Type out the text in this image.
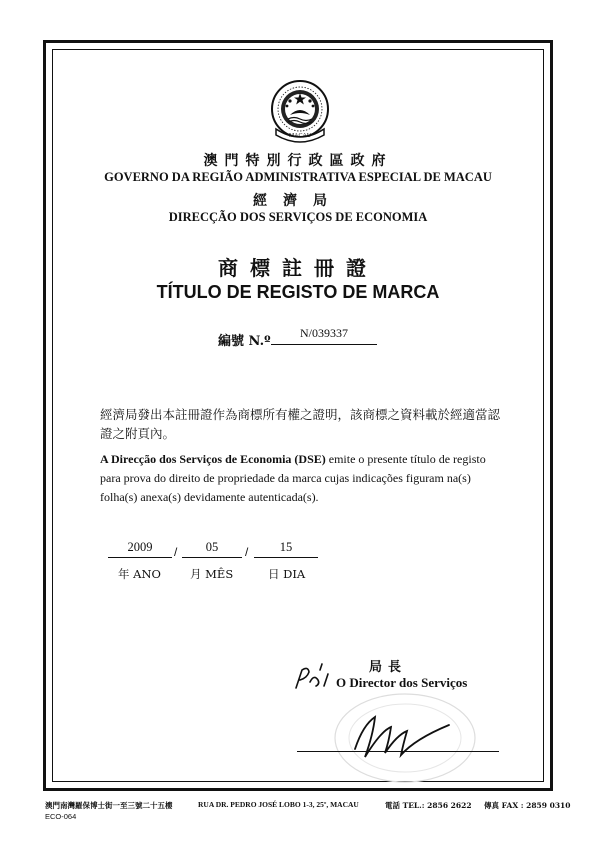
MACAU
澳門特別行政區政府
GOVERNO DA REGIÃO ADMINISTRATIVA ESPECIAL DE MACAU
經濟局
DIRECÇÃO DOS SERVIÇOS DE ECONOMIA
商標註冊證
TÍTULO DE REGISTO DE MARCA
編號 N.º
N/039337
經濟局發出本註冊證作為商標所有權之證明，該商標之資料載於經適當認證之附頁內。
A Direcção dos Serviços de Economia (DSE) emite o presente título de registo para prova do direito de propriedade da marca cujas indicações figuram na(s) folha(s) anexa(s) devidamente autenticada(s).
2009	/	05	/	15
年 ANO	月 MÊS	日 DIA
局長
O Director dos Serviços
澳門南灣羅保博士街一至三號二十五樓	RUA DR. PEDRO JOSÉ LOBO 1-3, 25º, MACAU	電話 TEL.: 2856 2622 傳真 FAX : 2859 0310
ECO-064
